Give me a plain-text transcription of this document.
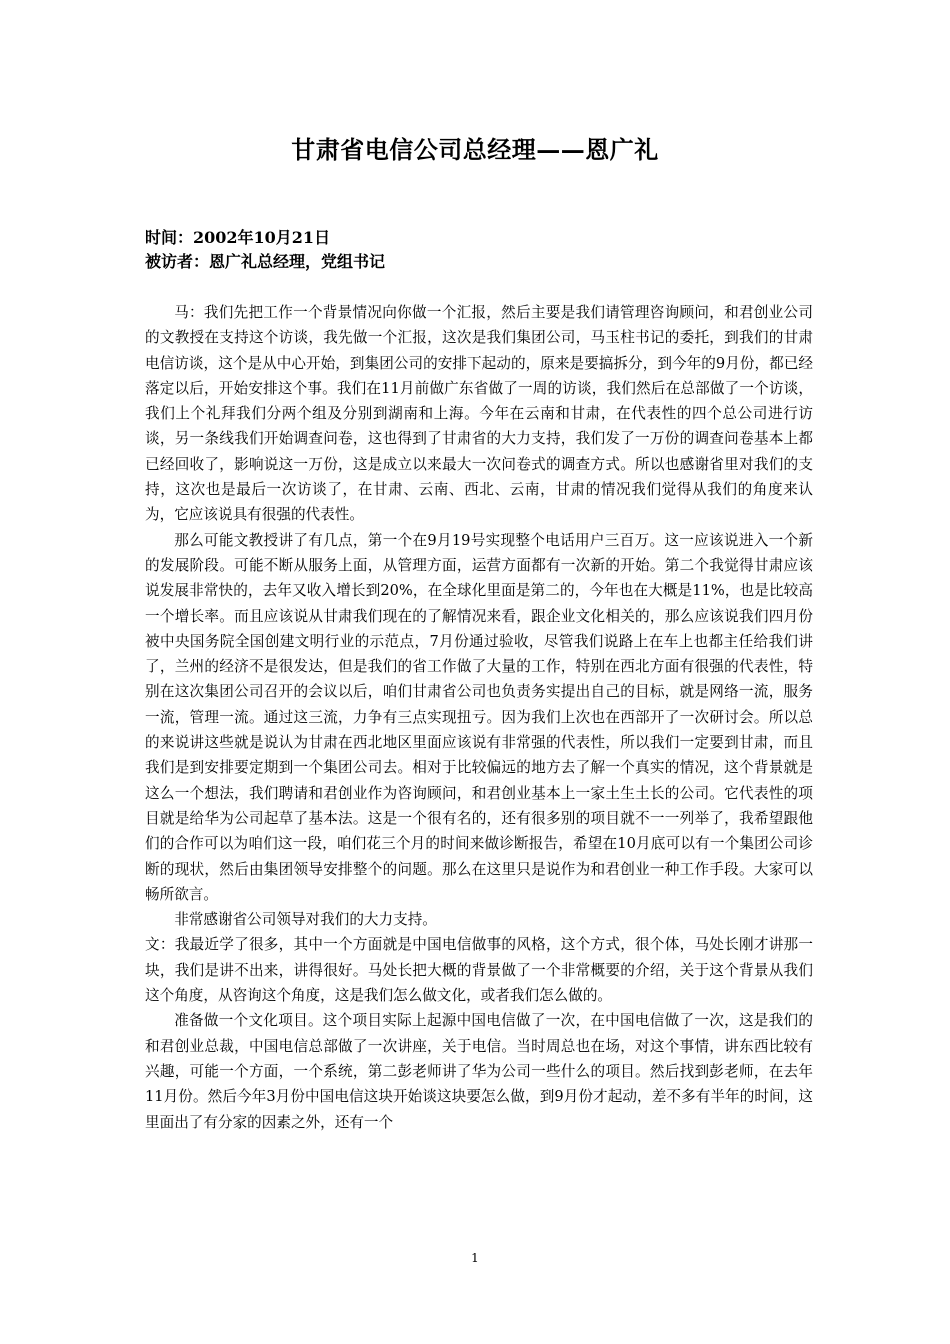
甘肃省电信公司总经理——恩广礼
时间：2002年10月21日
被访者：恩广礼总经理，党组书记

马：我们先把工作一个背景情况向你做一个汇报，然后主要是我们请管理咨询顾问，和君创业公司的文教授在支持这个访谈，我先做一个汇报，这次是我们集团公司，马玉柱书记的委托，到我们的甘肃电信访谈，这个是从中心开始，到集团公司的安排下起动的，原来是要搞拆分，到今年的9月份，都已经落定以后，开始安排这个事。我们在11月前做广东省做了一周的访谈，我们然后在总部做了一个访谈，我们上个礼拜我们分两个组及分别到湖南和上海。今年在云南和甘肃，在代表性的四个总公司进行访谈，另一条线我们开始调查问卷，这也得到了甘肃省的大力支持，我们发了一万份的调查问卷基本上都已经回收了，影响说这一万份，这是成立以来最大一次问卷式的调查方式。所以也感谢省里对我们的支持，这次也是最后一次访谈了，在甘肃、云南、西北、云南，甘肃的情况我们觉得从我们的角度来认为，它应该说具有很强的代表性。

那么可能文教授讲了有几点，第一个在9月19号实现整个电话用户三百万。这一应该说进入一个新的发展阶段。可能不断从服务上面，从管理方面，运营方面都有一次新的开始。第二个我觉得甘肃应该说发展非常快的，去年又收入增长到20%，在全球化里面是第二的，今年也在大概是11%，也是比较高一个增长率。而且应该说从甘肃我们现在的了解情况来看，跟企业文化相关的，那么应该说我们四月份被中央国务院全国创建文明行业的示范点，7月份通过验收，尽管我们说路上在车上也都主任给我们讲了，兰州的经济不是很发达，但是我们的省工作做了大量的工作，特别在西北方面有很强的代表性，特别在这次集团公司召开的会议以后，咱们甘肃省公司也负责务实提出自己的目标，就是网络一流，服务一流，管理一流。通过这三流，力争有三点实现扭亏。因为我们上次也在西部开了一次研讨会。所以总的来说讲这些就是说认为甘肃在西北地区里面应该说有非常强的代表性，所以我们一定要到甘肃，而且我们是到安排要定期到一个集团公司去。相对于比较偏远的地方去了解一个真实的情况，这个背景就是这么一个想法，我们聘请和君创业作为咨询顾问，和君创业基本上一家土生土长的公司。它代表性的项目就是给华为公司起草了基本法。这是一个很有名的，还有很多别的项目就不一一列举了，我希望跟他们的合作可以为咱们这一段，咱们花三个月的时间来做诊断报告，希望在10月底可以有一个集团公司诊断的现状，然后由集团领导安排整个的问题。那么在这里只是说作为和君创业一种工作手段。大家可以畅所欲言。

非常感谢省公司领导对我们的大力支持。

文：我最近学了很多，其中一个方面就是中国电信做事的风格，这个方式，很个体，马处长刚才讲那一块，我们是讲不出来，讲得很好。马处长把大概的背景做了一个非常概要的介绍，关于这个背景从我们这个角度，从咨询这个角度，这是我们怎么做文化，或者我们怎么做的。

准备做一个文化项目。这个项目实际上起源中国电信做了一次，在中国电信做了一次，这是我们的和君创业总裁，中国电信总部做了一次讲座，关于电信。当时周总也在场，对这个事情，讲东西比较有兴趣，可能一个方面，一个系统，第二彭老师讲了华为公司一些什么的项目。然后找到彭老师，在去年11月份。然后今年3月份中国电信这块开始谈这块要怎么做，到9月份才起动，差不多有半年的时间，这里面出了有分家的因素之外，还有一个

1
